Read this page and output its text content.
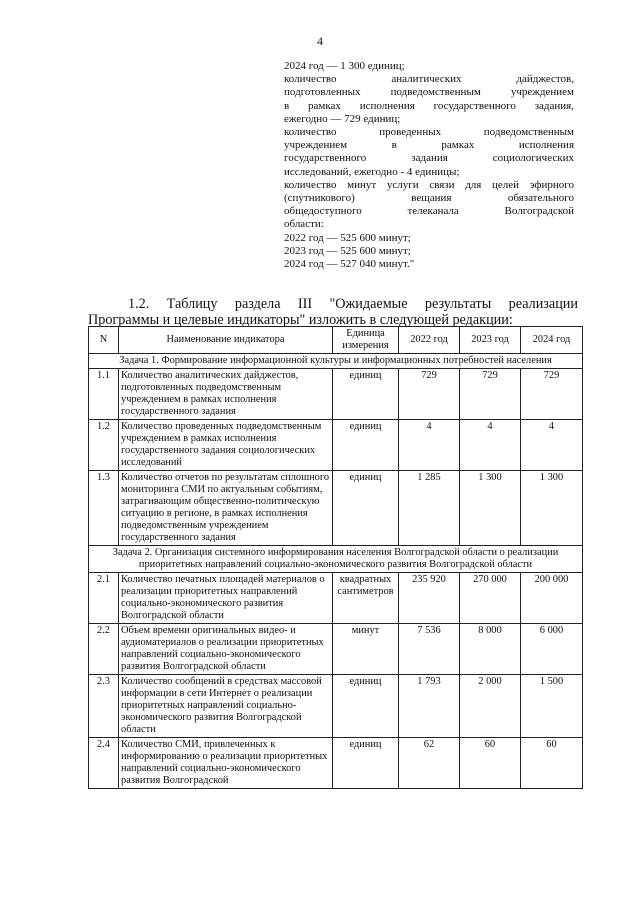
4
2024 год — 1 300 единиц;
количество аналитических дайджестов,
подготовленных подведомственным учреждением
в рамках исполнения государственного задания,
ежегодно — 729 единиц;
количество проведенных подведомственным
учреждением в рамках исполнения
государственного задания социологических
исследований, ежегодно - 4 единицы;
количество минут услуги связи для целей эфирного
(спутникового) вещания обязательного
общедоступного телеканала Волгоградской
области:
2022 год — 525 600 минут;
2023 год — 525 600 минут;
2024 год — 527 040 минут."
1.2. Таблицу раздела III "Ожидаемые результаты реализации
Программы и целевые индикаторы" изложить в следующей редакции:
N	Наименование индикатора	Единица измерения	2022 год	2023 год	2024 год
Задача 1. Формирование информационной культуры и информационных потребностей населения					
1.1	Количество аналитических дайджестов, подготовленных подведомственным учреждением в рамках исполнения государственного задания	единиц	729	729	729
1.2	Количество проведенных подведомственным учреждением в рамках исполнения государственного задания социологических исследований	единиц	4	4	4
1.3	Количество отчетов по результатам сплошного мониторинга СМИ по актуальным событиям, затрагивающим общественно-политическую ситуацию в регионе, в рамках исполнения подведомственным учреждением государственного задания	единиц	1 285	1 300	1 300
Задача 2. Организация системного информирования населения Волгоградской области о реализации приоритетных направлений социально-экономического развития Волгоградской области					
2.1	Количество печатных площадей материалов о реализации приоритетных направлений социально-экономического развития Волгоградской области	квадратных сантиметров	235 920	270 000	200 000
2.2	Объем времени оригинальных видео- и аудиоматериалов о реализации приоритетных направлений социально-экономического развития Волгоградской области	минут	7 536	8 000	6 000
2.3	Количество сообщений в средствах массовой информации в сети Интернет о реализации приоритетных направлений социально-экономического развития Волгоградской области	единиц	1 793	2 000	1 500
2.4	Количество СМИ, привлеченных к информированию о реализации приоритетных направлений социально-экономического развития Волгоградской	единиц	62	60	60
